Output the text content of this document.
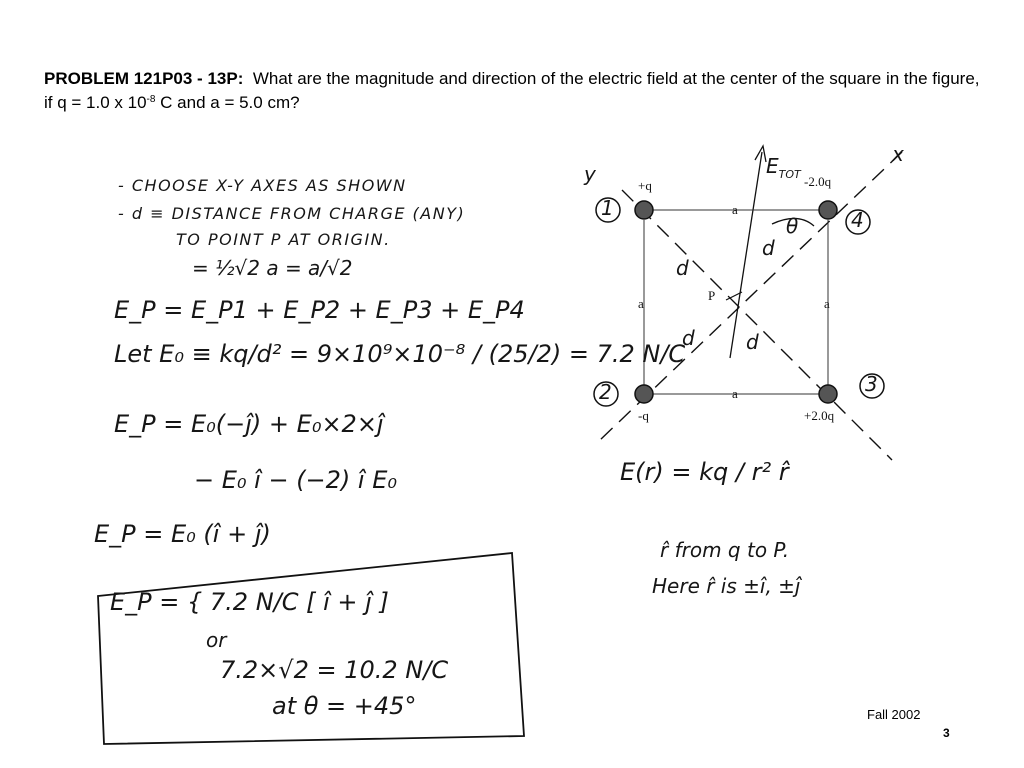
PROBLEM 121P03 - 13P: What are the magnitude and direction of the electric field at the center of the square in the figure, if q = 1.0 x $10^{-8}$ C and a = 5.0 cm?
+q	-2.0q
-q	+2.0q
a
a	a
a
P
d
d
d	d
1	4
2	3
y
x
$E_{TOT}$
θ
- CHOOSE X-Y AXES AS SHOWN
- d ≡ DISTANCE FROM CHARGE (ANY)
TO POINT P AT ORIGIN.
= ½√2 a = a/√2
E_P = E_P1 + E_P2 + E_P3 + E_P4
Let E₀ ≡ kq/d² = 9×10⁹×10⁻⁸ / (25/2) = 7.2 N/C
E_P = E₀(−ĵ) + E₀×2×ĵ
− E₀ î − (−2) î E₀
E_P = E₀ (î + ĵ)
E_P = { 7.2 N/C [ î + ĵ ]
or
7.2×√2 = 10.2 N/C
at θ = +45°
E(r) = kq / r² r̂
r̂ from q to P.
Here r̂ is ±î, ±ĵ
Fall 2002
3
